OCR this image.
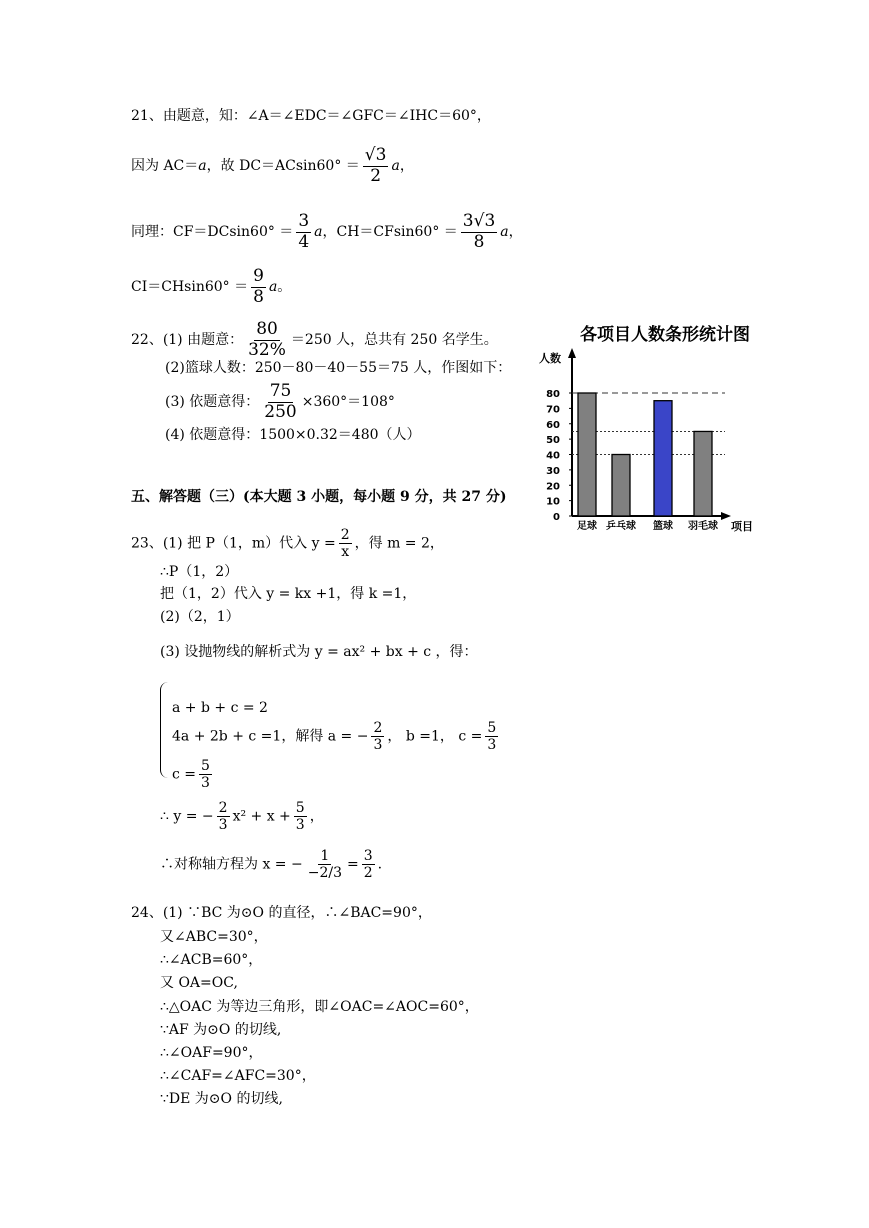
21、由题意，知：∠A＝∠EDC＝∠GFC＝∠IHC＝60°，
因为 AC＝a，故 $DC=ACsin60^\circ = \frac{√3}{2}$ a，
同理：$CF=DCsin60^\circ = \frac{3}{4}$ a，$CH=CFsin60^\circ = \frac{3√3}{8}$ a，
$CI=CHsin60^\circ = \frac{9}{8}$ a。
22、(1) 由题意： $\frac{80}{32\%} =250$ 人，总共有 250 名学生。
(2)篮球人数：250－80－40－55＝75 人，作图如下：
(3) 依题意得： $\frac{75}{250} \times 360^\circ=108^\circ$
(4) 依题意得：1500×0.32＝480（人）
五、解答题（三）(本大题 3 小题，每小题 9 分，共 27 分)
23、(1) 把 P（1，m）代入 $y = \frac{2}{x}$ ，得 m = 2，
∴P（1，2）
把（1，2）代入 y = kx +1，得 k =1，
(2)（2，1）
(3) 设抛物线的解析式为 y = ax² + bx + c ，得：
a + b + c = 2
4a + 2b + c =1，解得 a = − $\frac{2}{3}$ ， b =1， $c = \frac{5}{3}$
$c = \frac{5}{3}$
∴ y = − $\frac{2}{3} x^2 + x + \frac{5}{3}$ ，
∴对称轴方程为 x = − $\frac{1}{-2/3} = \frac{3}{2}$ .
24、(1) ∵BC 为⊙O 的直径，∴∠BAC=90°，
又∠ABC=30°，
∴∠ACB=60°，
又 OA=OC,
∴△OAC 为等边三角形，即∠OAC=∠AOC=60°，
∵AF 为⊙O 的切线,
∴∠OAF=90°，
∴∠CAF=∠AFC=30°，
∵DE 为⊙O 的切线,
各项目人数条形统计图
人数
项目
0
10
20
30
40
50
60
70
80
足球 乒乓球 篮球 羽毛球
